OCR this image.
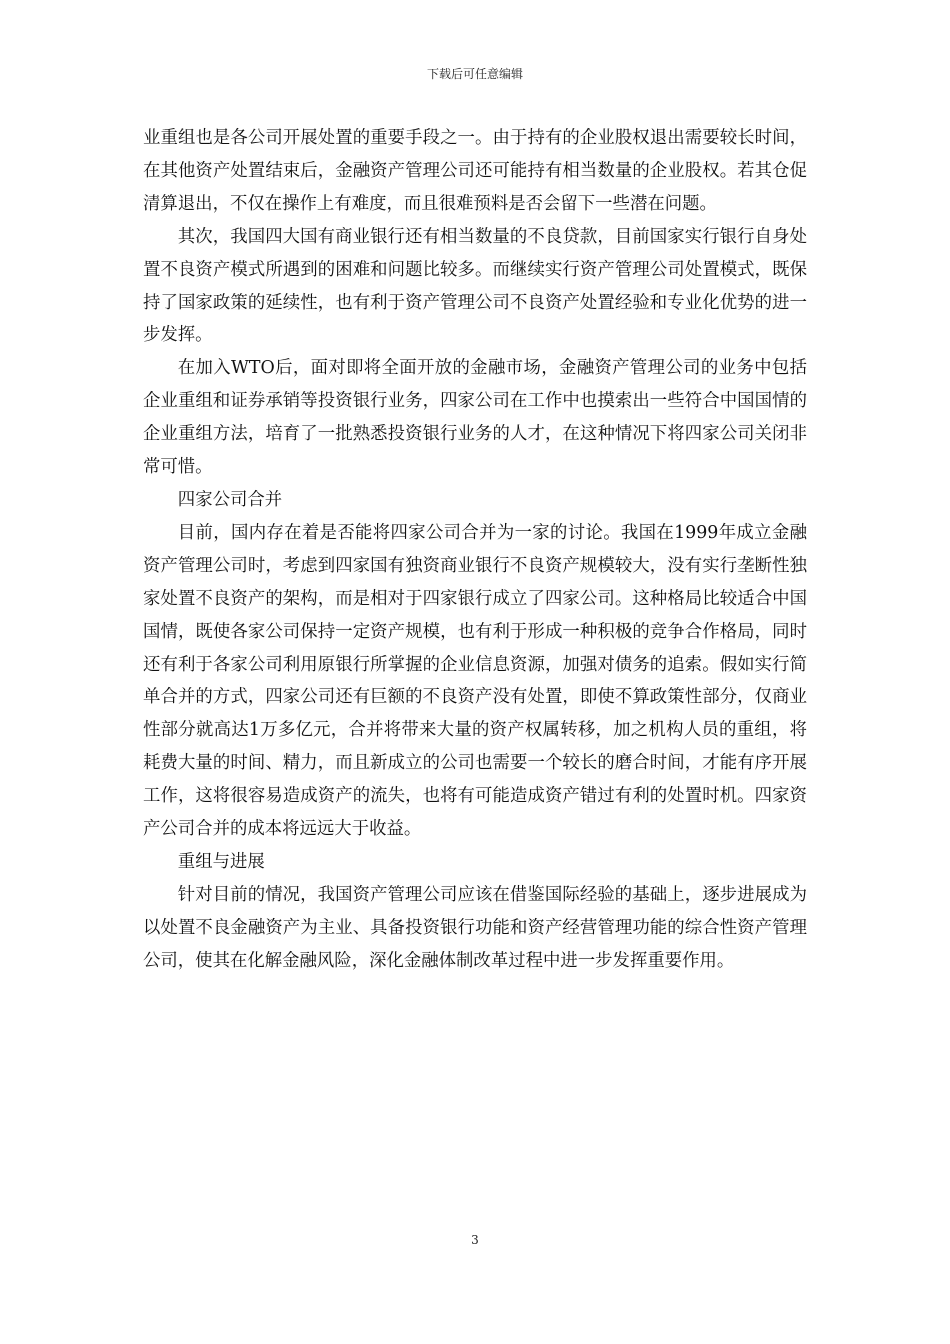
下载后可任意编辑

业重组也是各公司开展处置的重要手段之一。由于持有的企业股权退出需要较长时间，在其他资产处置结束后，金融资产管理公司还可能持有相当数量的企业股权。若其仓促清算退出，不仅在操作上有难度，而且很难预料是否会留下一些潜在问题。

其次，我国四大国有商业银行还有相当数量的不良贷款，目前国家实行银行自身处置不良资产模式所遇到的困难和问题比较多。而继续实行资产管理公司处置模式，既保持了国家政策的延续性，也有利于资产管理公司不良资产处置经验和专业化优势的进一步发挥。

在加入WTO后，面对即将全面开放的金融市场，金融资产管理公司的业务中包括企业重组和证券承销等投资银行业务，四家公司在工作中也摸索出一些符合中国国情的企业重组方法，培育了一批熟悉投资银行业务的人才，在这种情况下将四家公司关闭非常可惜。

四家公司合并

目前，国内存在着是否能将四家公司合并为一家的讨论。我国在1999年成立金融资产管理公司时，考虑到四家国有独资商业银行不良资产规模较大，没有实行垄断性独家处置不良资产的架构，而是相对于四家银行成立了四家公司。这种格局比较适合中国国情，既使各家公司保持一定资产规模，也有利于形成一种积极的竞争合作格局，同时还有利于各家公司利用原银行所掌握的企业信息资源，加强对债务的追索。假如实行简单合并的方式，四家公司还有巨额的不良资产没有处置，即使不算政策性部分，仅商业性部分就高达1万多亿元，合并将带来大量的资产权属转移，加之机构人员的重组，将耗费大量的时间、精力，而且新成立的公司也需要一个较长的磨合时间，才能有序开展工作，这将很容易造成资产的流失，也将有可能造成资产错过有利的处置时机。四家资产公司合并的成本将远远大于收益。

重组与进展

针对目前的情况，我国资产管理公司应该在借鉴国际经验的基础上，逐步进展成为以处置不良金融资产为主业、具备投资银行功能和资产经营管理功能的综合性资产管理公司，使其在化解金融风险，深化金融体制改革过程中进一步发挥重要作用。

3
